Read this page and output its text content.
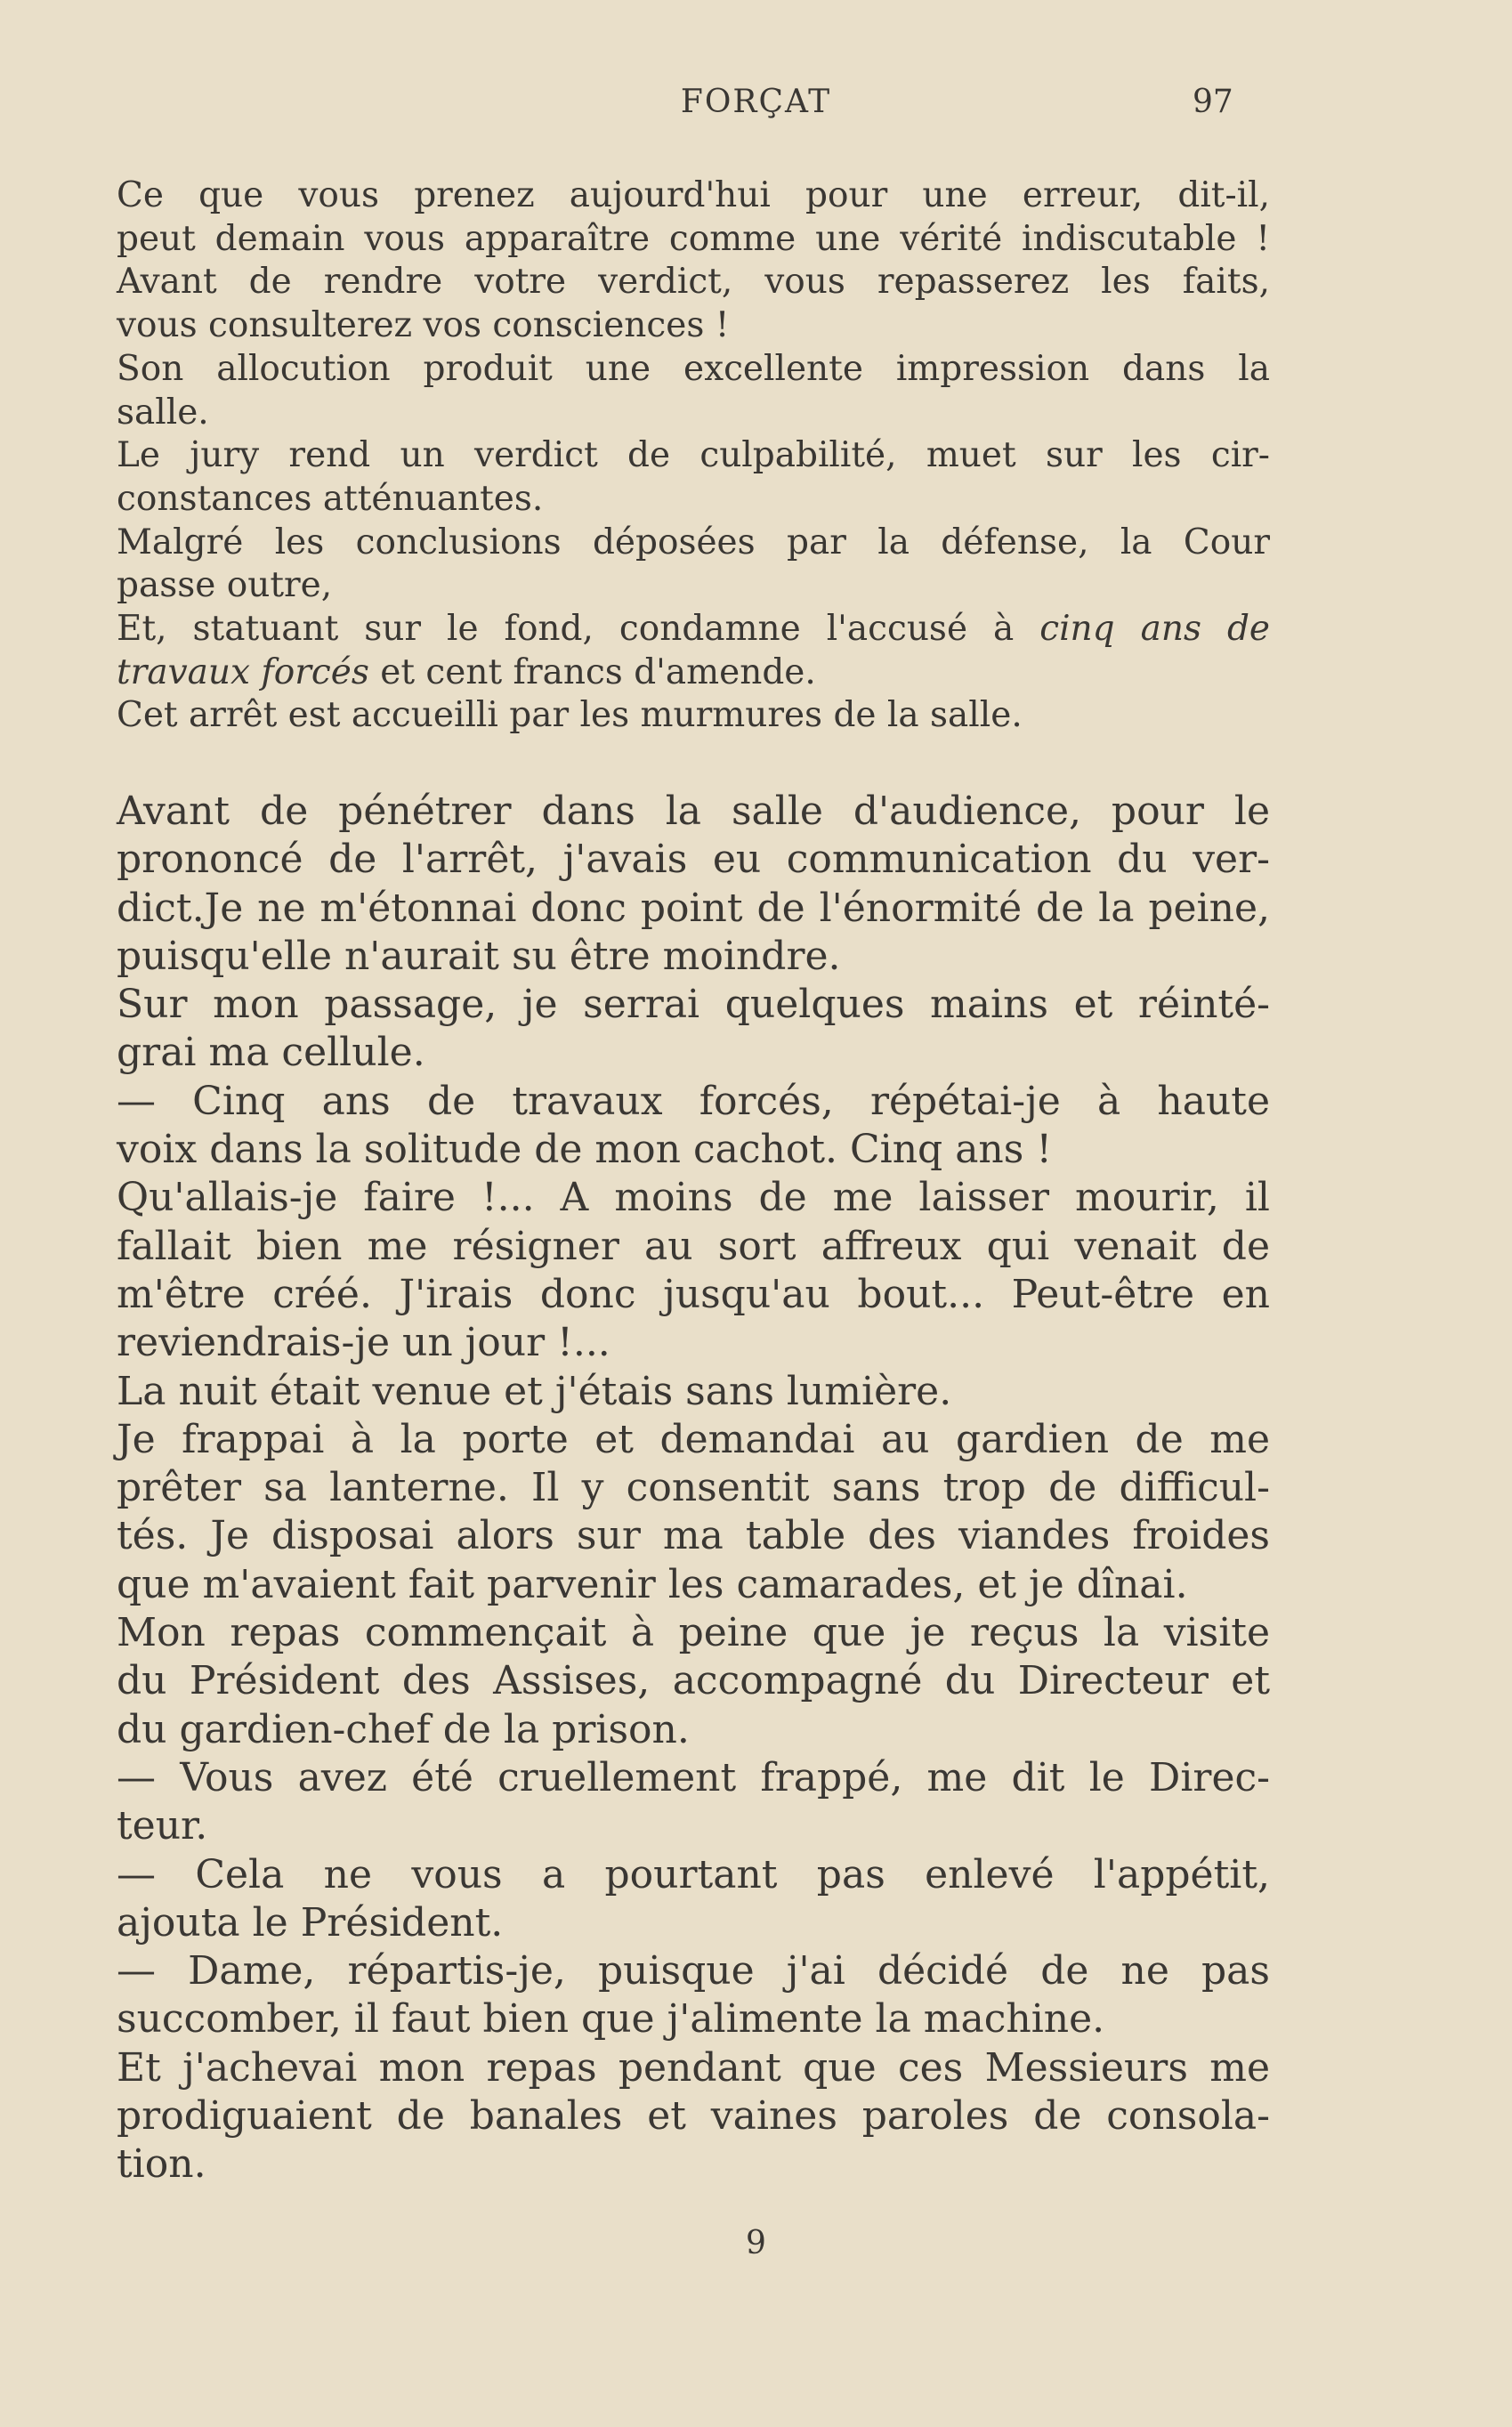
FORÇAT	97

Ce que vous prenez aujourd'hui pour une erreur, dit-il,
peut demain vous apparaître comme une vérité indiscutable !
Avant de rendre votre verdict, vous repasserez les faits,
vous consulterez vos consciences !

Son allocution produit une excellente impression dans la
salle.

Le jury rend un verdict de culpabilité, muet sur les cir-
constances atténuantes.

Malgré les conclusions déposées par la défense, la Cour
passe outre,

Et, statuant sur le fond, condamne l'accusé à cinq ans de
travaux forcés et cent francs d'amende.

Cet arrêt est accueilli par les murmures de la salle.

Avant de pénétrer dans la salle d'audience, pour le
prononcé de l'arrêt, j'avais eu communication du ver-
dict.Je ne m'étonnai donc point de l'énormité de la peine,
puisqu'elle n'aurait su être moindre.

Sur mon passage, je serrai quelques mains et réinté-
grai ma cellule.

— Cinq ans de travaux forcés, répétai-je à haute
voix dans la solitude de mon cachot. Cinq ans !

Qu'allais-je faire !... A moins de me laisser mourir, il
fallait bien me résigner au sort affreux qui venait de
m'être créé. J'irais donc jusqu'au bout... Peut-être en
reviendrais-je un jour !...

La nuit était venue et j'étais sans lumière.

Je frappai à la porte et demandai au gardien de me
prêter sa lanterne. Il y consentit sans trop de difficul-
tés. Je disposai alors sur ma table des viandes froides
que m'avaient fait parvenir les camarades, et je dînai.

Mon repas commençait à peine que je reçus la visite
du Président des Assises, accompagné du Directeur et
du gardien-chef de la prison.

— Vous avez été cruellement frappé, me dit le Direc-
teur.

— Cela ne vous a pourtant pas enlevé l'appétit,
ajouta le Président.

— Dame, répartis-je, puisque j'ai décidé de ne pas
succomber, il faut bien que j'alimente la machine.

Et j'achevai mon repas pendant que ces Messieurs me
prodiguaient de banales et vaines paroles de consola-
tion.

9
